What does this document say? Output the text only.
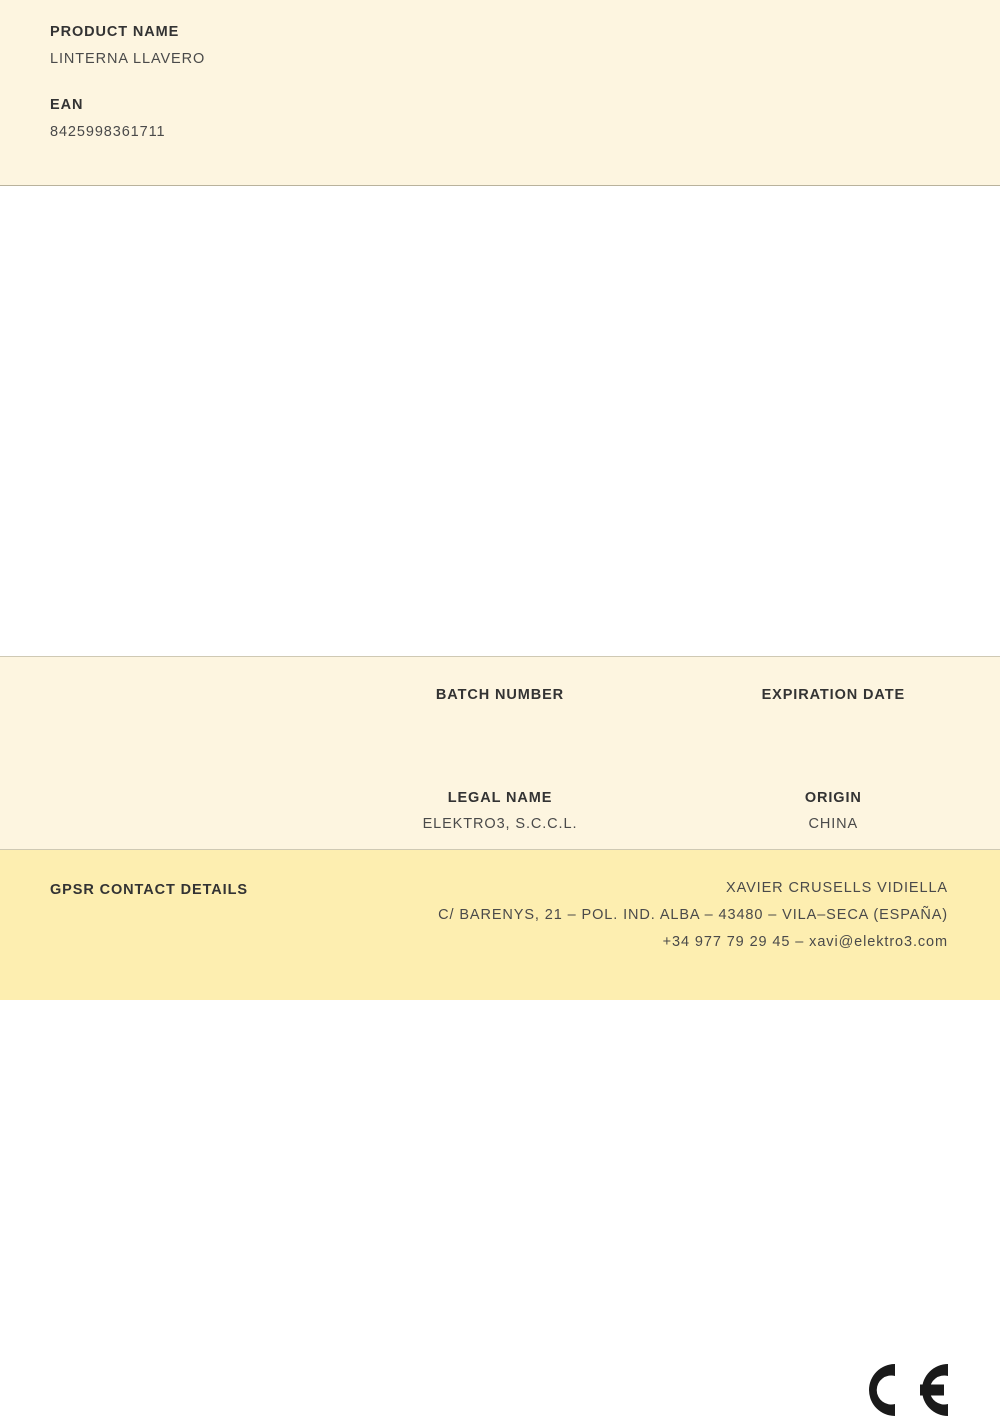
PRODUCT NAME

LINTERNA LLAVERO

EAN

8425998361711

BATCH NUMBER	EXPIRATION DATE

LEGAL NAME

ELEKTRO3, S.C.C.L.

ORIGIN

CHINA

GPSR CONTACT DETAILS	XAVIER CRUSELLS VIDIELLA

C/ BARENYS, 21 – POL. IND. ALBA – 43480 – VILA–SECA (ESPAÑA)

+34 977 79 29 45 – xavi@elektro3.com
